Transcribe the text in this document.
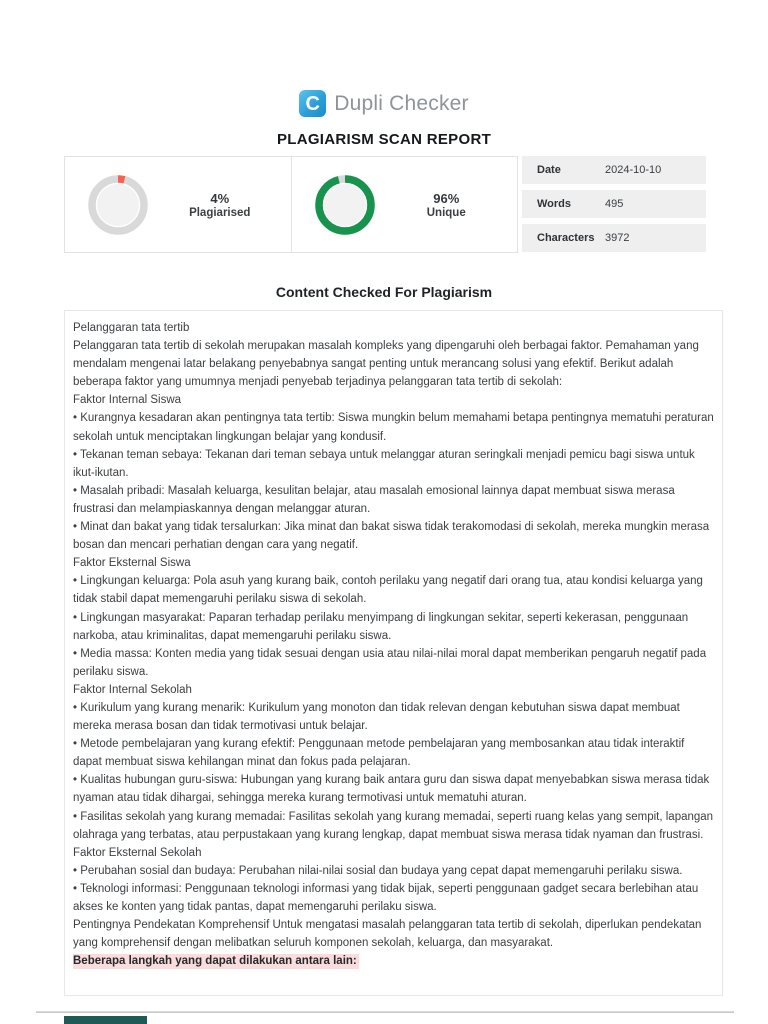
C Dupli Checker
PLAGIARISM SCAN REPORT
4%
Plagiarised
96%
Unique
Date	2024-10-10
Words	495
Characters 3972
Content Checked For Plagiarism

Pelanggaran tata tertib

Pelanggaran tata tertib di sekolah merupakan masalah kompleks yang dipengaruhi oleh berbagai faktor. Pemahaman yang mendalam mengenai latar belakang penyebabnya sangat penting untuk merancang solusi yang efektif. Berikut adalah beberapa faktor yang umumnya menjadi penyebab terjadinya pelanggaran tata tertib di sekolah:

Faktor Internal Siswa

• Kurangnya kesadaran akan pentingnya tata tertib: Siswa mungkin belum memahami betapa pentingnya mematuhi peraturan sekolah untuk menciptakan lingkungan belajar yang kondusif.

• Tekanan teman sebaya: Tekanan dari teman sebaya untuk melanggar aturan seringkali menjadi pemicu bagi siswa untuk ikut-ikutan.

• Masalah pribadi: Masalah keluarga, kesulitan belajar, atau masalah emosional lainnya dapat membuat siswa merasa frustrasi dan melampiaskannya dengan melanggar aturan.

• Minat dan bakat yang tidak tersalurkan: Jika minat dan bakat siswa tidak terakomodasi di sekolah, mereka mungkin merasa bosan dan mencari perhatian dengan cara yang negatif.

Faktor Eksternal Siswa

• Lingkungan keluarga: Pola asuh yang kurang baik, contoh perilaku yang negatif dari orang tua, atau kondisi keluarga yang tidak stabil dapat memengaruhi perilaku siswa di sekolah.

• Lingkungan masyarakat: Paparan terhadap perilaku menyimpang di lingkungan sekitar, seperti kekerasan, penggunaan narkoba, atau kriminalitas, dapat memengaruhi perilaku siswa.

• Media massa: Konten media yang tidak sesuai dengan usia atau nilai-nilai moral dapat memberikan pengaruh negatif pada perilaku siswa.

Faktor Internal Sekolah

• Kurikulum yang kurang menarik: Kurikulum yang monoton dan tidak relevan dengan kebutuhan siswa dapat membuat mereka merasa bosan dan tidak termotivasi untuk belajar.

• Metode pembelajaran yang kurang efektif: Penggunaan metode pembelajaran yang membosankan atau tidak interaktif dapat membuat siswa kehilangan minat dan fokus pada pelajaran.

• Kualitas hubungan guru-siswa: Hubungan yang kurang baik antara guru dan siswa dapat menyebabkan siswa merasa tidak nyaman atau tidak dihargai, sehingga mereka kurang termotivasi untuk mematuhi aturan.

• Fasilitas sekolah yang kurang memadai: Fasilitas sekolah yang kurang memadai, seperti ruang kelas yang sempit, lapangan olahraga yang terbatas, atau perpustakaan yang kurang lengkap, dapat membuat siswa merasa tidak nyaman dan frustrasi.

Faktor Eksternal Sekolah

• Perubahan sosial dan budaya: Perubahan nilai-nilai sosial dan budaya yang cepat dapat memengaruhi perilaku siswa.

• Teknologi informasi: Penggunaan teknologi informasi yang tidak bijak, seperti penggunaan gadget secara berlebihan atau akses ke konten yang tidak pantas, dapat memengaruhi perilaku siswa.

Pentingnya Pendekatan Komprehensif Untuk mengatasi masalah pelanggaran tata tertib di sekolah, diperlukan pendekatan yang komprehensif dengan melibatkan seluruh komponen sekolah, keluarga, dan masyarakat.

Beberapa langkah yang dapat dilakukan antara lain:
